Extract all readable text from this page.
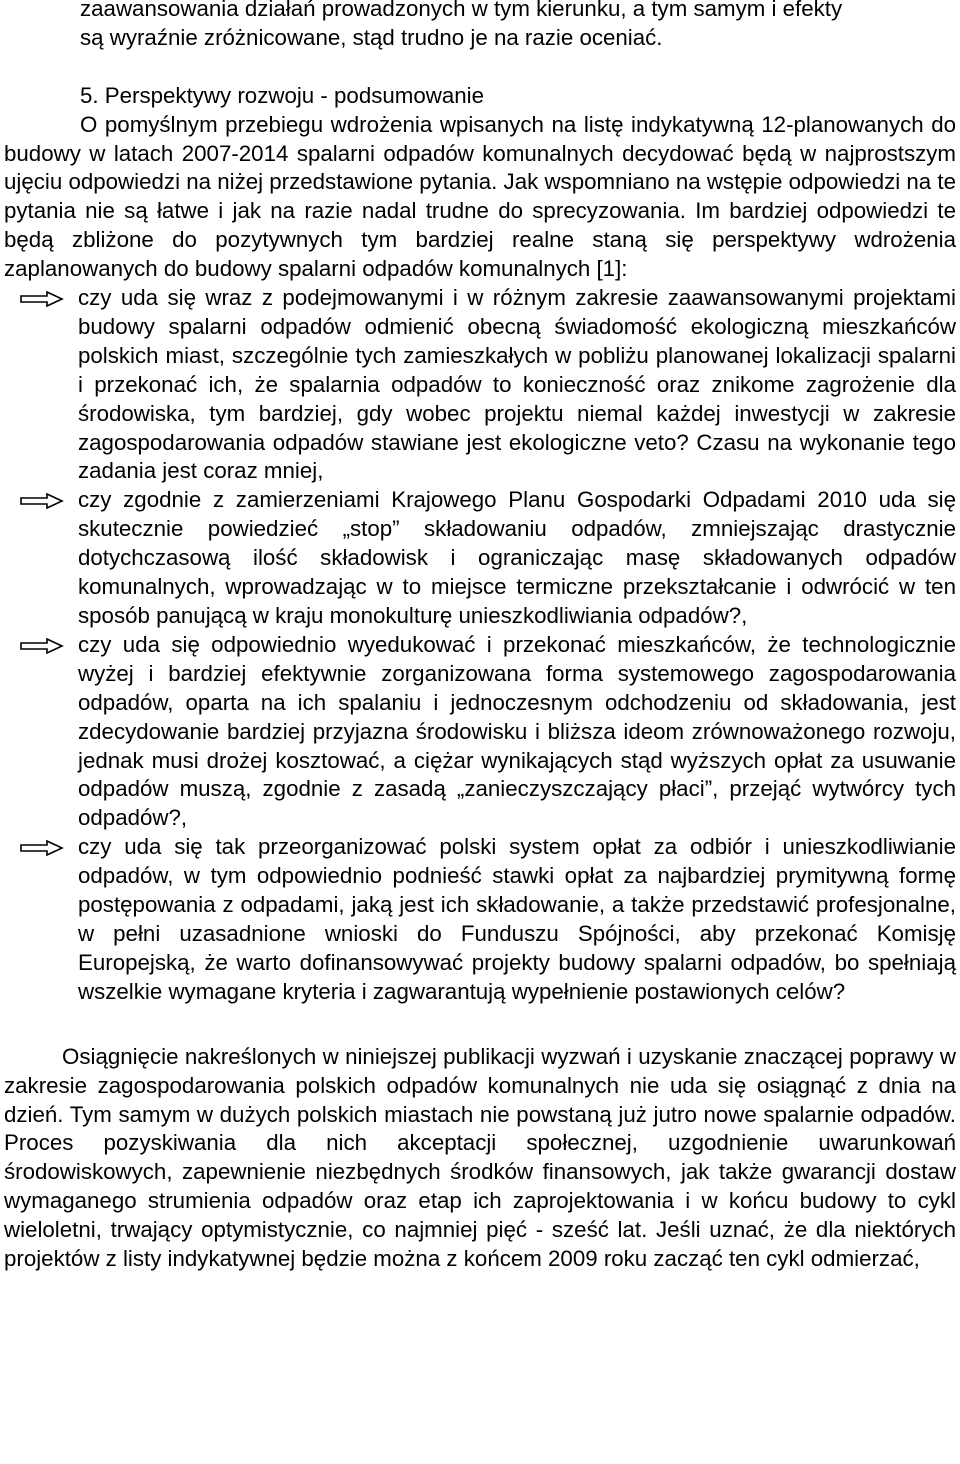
zaawansowania działań prowadzonych w tym kierunku, a tym samym i efekty

są wyraźnie zróżnicowane, stąd trudno je na razie oceniać.

5. Perspektywy rozwoju - podsumowanie

O pomyślnym przebiegu wdrożenia wpisanych na listę indykatywną 12-planowanych do budowy w latach 2007-2014 spalarni odpadów komunalnych decydować będą w najprostszym ujęciu odpowiedzi na niżej przedstawione pytania. Jak wspomniano na wstępie odpowiedzi na te pytania nie są łatwe i jak na razie nadal trudne do sprecyzowania. Im bardziej odpowiedzi te będą zbliżone do pozytywnych tym bardziej realne staną się perspektywy wdrożenia zaplanowanych do budowy spalarni odpadów komunalnych [1]:

czy uda się wraz z podejmowanymi i w różnym zakresie zaawansowanymi projektami budowy spalarni odpadów odmienić obecną świadomość ekologiczną mieszkańców polskich miast, szczególnie tych zamieszkałych w pobliżu planowanej lokalizacji spalarni i przekonać ich, że spalarnia odpadów to konieczność oraz znikome zagrożenie dla środowiska, tym bardziej, gdy wobec projektu niemal każdej inwestycji w zakresie zagospodarowania odpadów stawiane jest ekologiczne veto? Czasu na wykonanie tego zadania jest coraz mniej,
czy zgodnie z zamierzeniami Krajowego Planu Gospodarki Odpadami 2010 uda się skutecznie powiedzieć „stop” składowaniu odpadów, zmniejszając drastycznie dotychczasową ilość składowisk i ograniczając masę składowanych odpadów komunalnych, wprowadzając w to miejsce termiczne przekształcanie i odwrócić w ten sposób panującą w kraju monokulturę unieszkodliwiania odpadów?,
czy uda się odpowiednio wyedukować i przekonać mieszkańców, że technologicznie wyżej i bardziej efektywnie zorganizowana forma systemowego zagospodarowania odpadów, oparta na ich spalaniu i jednoczesnym odchodzeniu od składowania, jest zdecydowanie bardziej przyjazna środowisku i bliższa ideom zrównoważonego rozwoju, jednak musi drożej kosztować, a ciężar wynikających stąd wyższych opłat za usuwanie odpadów muszą, zgodnie z zasadą „zanieczyszczający płaci”, przejąć wytwórcy tych odpadów?,
czy uda się tak przeorganizować polski system opłat za odbiór i unieszkodliwianie odpadów, w tym odpowiednio podnieść stawki opłat za najbardziej prymitywną formę postępowania z odpadami, jaką jest ich składowanie, a także przedstawić profesjonalne, w pełni uzasadnione wnioski do Funduszu Spójności, aby przekonać Komisję Europejską, że warto dofinansowywać projekty budowy spalarni odpadów, bo spełniają wszelkie wymagane kryteria i zagwarantują wypełnienie postawionych celów?

Osiągnięcie nakreślonych w niniejszej publikacji wyzwań i uzyskanie znaczącej poprawy w zakresie zagospodarowania polskich odpadów komunalnych nie uda się osiągnąć z dnia na dzień. Tym samym w dużych polskich miastach nie powstaną już jutro nowe spalarnie odpadów. Proces pozyskiwania dla nich akceptacji społecznej, uzgodnienie uwarunkowań środowiskowych, zapewnienie niezbędnych środków finansowych, jak także gwarancji dostaw wymaganego strumienia odpadów oraz etap ich zaprojektowania i w końcu budowy to cykl wieloletni, trwający optymistycznie, co najmniej pięć - sześć lat. Jeśli uznać, że dla niektórych projektów z listy indykatywnej będzie można z końcem 2009 roku zacząć ten cykl odmierzać,
